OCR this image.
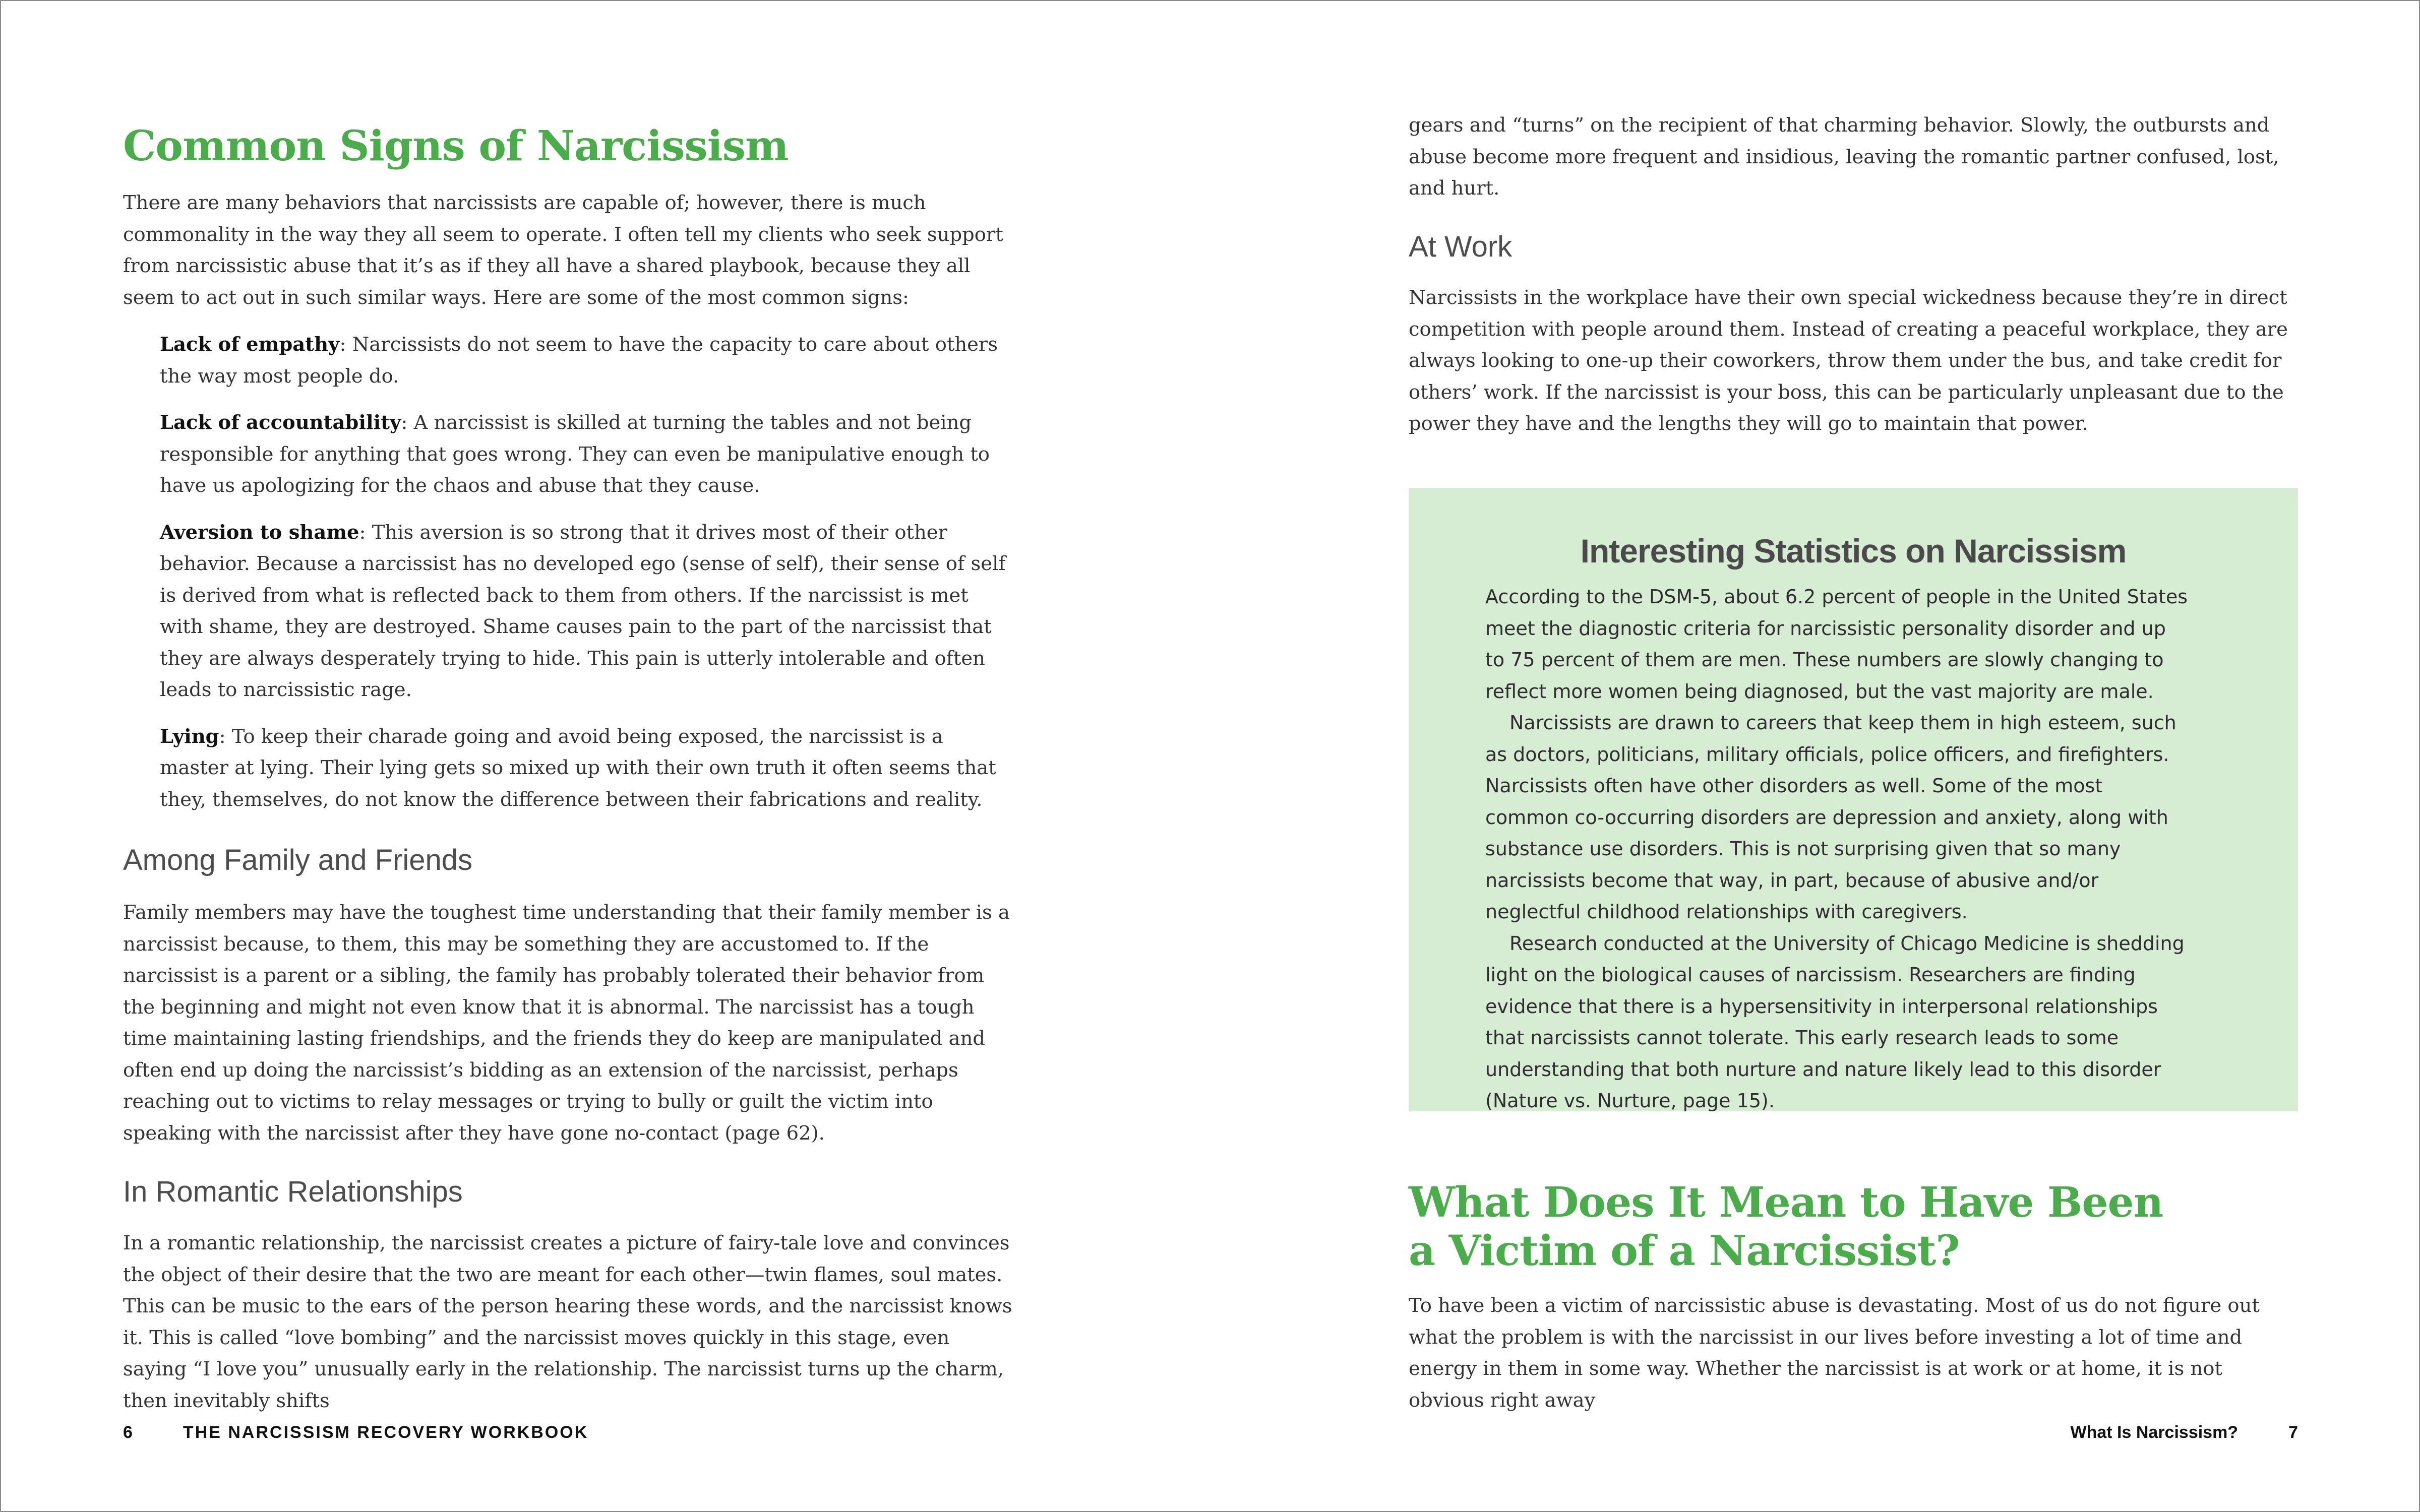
Common Signs of Narcissism

There are many behaviors that narcissists are capable of; however, there is much commonality in the way they all seem to operate. I often tell my clients who seek support from narcissistic abuse that it’s as if they all have a shared playbook, because they all seem to act out in such similar ways. Here are some of the most common signs:

Lack of empathy: Narcissists do not seem to have the capacity to care about others the way most people do.
Lack of accountability: A narcissist is skilled at turning the tables and not being responsible for anything that goes wrong. They can even be manipulative enough to have us apologizing for the chaos and abuse that they cause.
Aversion to shame: This aversion is so strong that it drives most of their other behavior. Because a narcissist has no developed ego (sense of self), their sense of self is derived from what is reflected back to them from others. If the narcissist is met with shame, they are destroyed. Shame causes pain to the part of the narcissist that they are always desperately trying to hide. This pain is utterly intolerable and often leads to narcissistic rage.
Lying: To keep their charade going and avoid being exposed, the narcissist is a master at lying. Their lying gets so mixed up with their own truth it often seems that they, themselves, do not know the difference between their fabrications and reality.
Among Family and Friends

Family members may have the toughest time understanding that their family member is a narcissist because, to them, this may be something they are accustomed to. If the narcissist is a parent or a sibling, the family has probably tolerated their behavior from the beginning and might not even know that it is abnormal. The narcissist has a tough time maintaining lasting friendships, and the friends they do keep are manipulated and often end up doing the narcissist’s bidding as an extension of the narcissist, perhaps reaching out to victims to relay messages or trying to bully or guilt the victim into speaking with the narcissist after they have gone no-contact (page 62).

In Romantic Relationships

In a romantic relationship, the narcissist creates a picture of fairy-tale love and convinces the object of their desire that the two are meant for each other—twin flames, soul mates. This can be music to the ears of the person hearing these words, and the narcissist knows it. This is called “love bombing” and the narcissist moves quickly in this stage, even saying “I love you” unusually early in the relationship. The narcissist turns up the charm, then inevitably shifts

6	THE NARCISSISM RECOVERY WORKBOOK

gears and “turns” on the recipient of that charming behavior. Slowly, the outbursts and abuse become more frequent and insidious, leaving the romantic partner confused, lost, and hurt.

At Work

Narcissists in the workplace have their own special wickedness because they’re in direct competition with people around them. Instead of creating a peaceful workplace, they are always looking to one-up their coworkers, throw them under the bus, and take credit for others’ work. If the narcissist is your boss, this can be particularly unpleasant due to the power they have and the lengths they will go to maintain that power.

What Does It Mean to Have Been
a Victim of a Narcissist?

To have been a victim of narcissistic abuse is devastating. Most of us do not figure out what the problem is with the narcissist in our lives before investing a lot of time and energy in them in some way. Whether the narcissist is at work or at home, it is not obvious right away

Interesting Statistics on Narcissism
According to the DSM-5, about 6.2 percent of people in the United States meet the diagnostic criteria for narcissistic personality disorder and up to 75 percent of them are men. These numbers are slowly changing to reflect more women being diagnosed, but the vast majority are male.
Narcissists are drawn to careers that keep them in high esteem, such as doctors, politicians, military officials, police officers, and firefighters. Narcissists often have other disorders as well. Some of the most common co-occurring disorders are depression and anxiety, along with substance use disorders. This is not surprising given that so many narcissists become that way, in part, because of abusive and/or neglectful childhood relationships with caregivers.
Research conducted at the University of Chicago Medicine is shedding light on the biological causes of narcissism. Researchers are finding evidence that there is a hypersensitivity in interpersonal relationships that narcissists cannot tolerate. This early research leads to some understanding that both nurture and nature likely lead to this disorder (Nature vs. Nurture, page 15).
What Is Narcissism?	7
